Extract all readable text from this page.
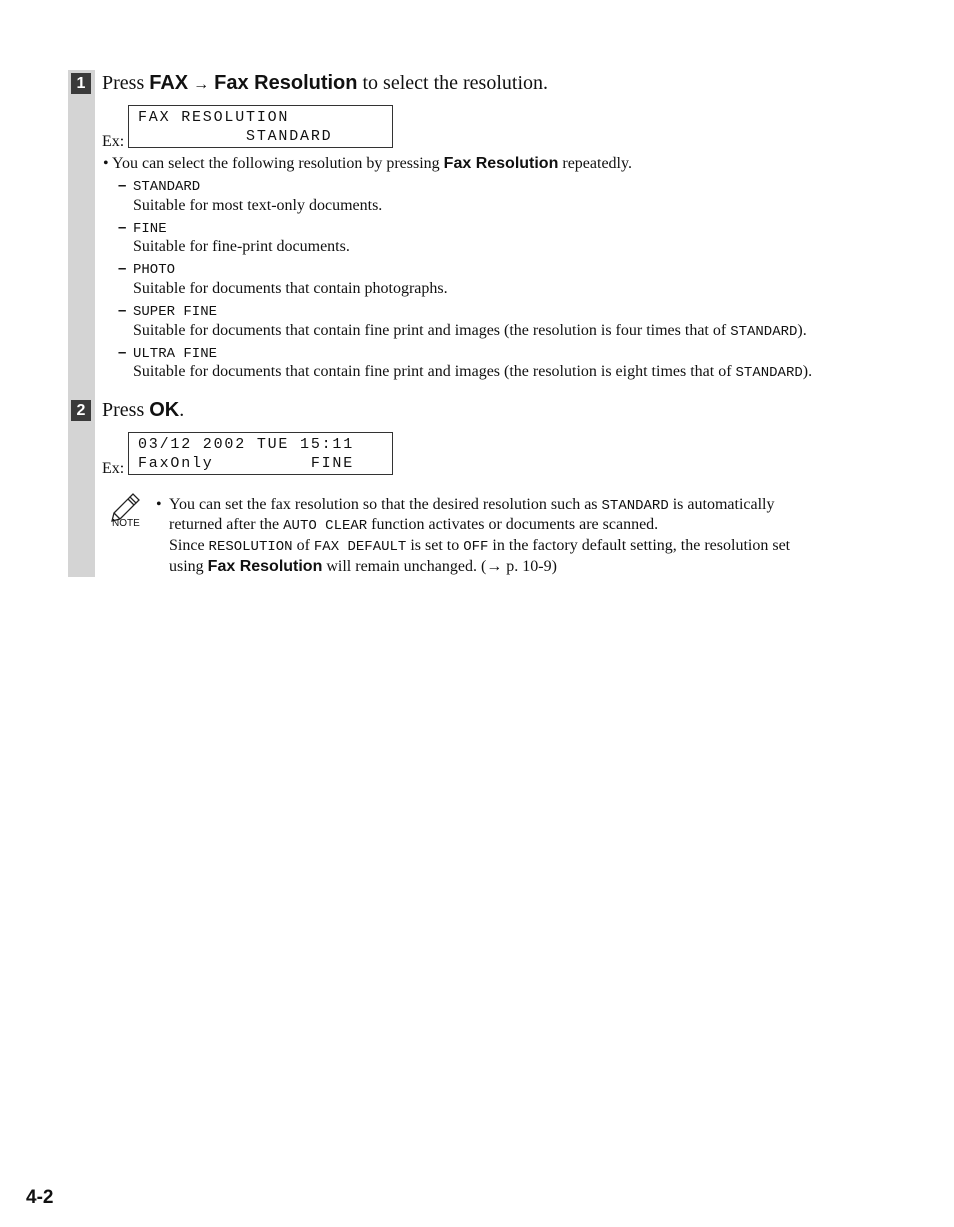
1 Press FAX → Fax Resolution to select the resolution.
Ex:
FAX RESOLUTION
STANDARD
• You can select the following resolution by pressing Fax Resolution repeatedly.
– STANDARD
Suitable for most text-only documents.
– FINE
Suitable for fine-print documents.
– PHOTO
Suitable for documents that contain photographs.
– SUPER FINE
Suitable for documents that contain fine print and images (the resolution is four times that of STANDARD).
– ULTRA FINE
Suitable for documents that contain fine print and images (the resolution is eight times that of STANDARD).
2 Press OK.
Ex:
03/12 2002 TUE 15:11
FaxOnly         FINE
NOTE
• You can set the fax resolution so that the desired resolution such as STANDARD is automatically
returned after the AUTO CLEAR function activates or documents are scanned.
Since RESOLUTION of FAX DEFAULT is set to OFF in the factory default setting, the resolution set
using Fax Resolution will remain unchanged. (→ p. 10-9)
4-2
